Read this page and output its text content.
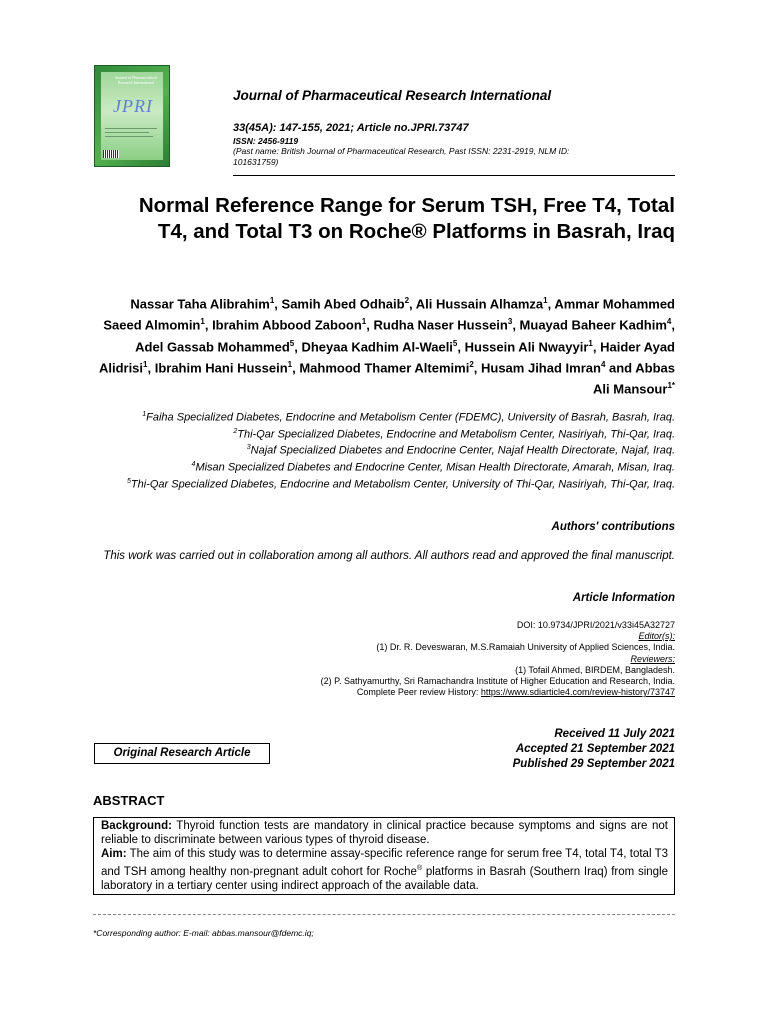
Journal of Pharmaceutical Research International
JPRI
Journal of Pharmaceutical Research International
33(45A): 147-155, 2021; Article no.JPRI.73747
ISSN: 2456-9119
(Past name: British Journal of Pharmaceutical Research, Past ISSN: 2231-2919, NLM ID: 101631759)
Normal Reference Range for Serum TSH, Free T4, Total T4, and Total T3 on Roche® Platforms in Basrah, Iraq
Nassar Taha Alibrahim$^1$, Samih Abed Odhaib$^2$, Ali Hussain Alhamza$^1$, Ammar Mohammed Saeed Almomin$^1$, Ibrahim Abbood Zaboon$^1$, Rudha Naser Hussein$^3$, Muayad Baheer Kadhim$^4$, Adel Gassab Mohammed$^5$, Dheyaa Kadhim Al-Waeli$^5$, Hussein Ali Nwayyir$^1$, Haider Ayad Alidrisi$^1$, Ibrahim Hani Hussein$^1$, Mahmood Thamer Altemimi$^2$, Husam Jihad Imran$^4$ and Abbas Ali Mansour$^{1*}$
$^1$Faiha Specialized Diabetes, Endocrine and Metabolism Center (FDEMC), University of Basrah, Basrah, Iraq.
$^2$Thi-Qar Specialized Diabetes, Endocrine and Metabolism Center, Nasiriyah, Thi-Qar, Iraq.
$^3$Najaf Specialized Diabetes and Endocrine Center, Najaf Health Directorate, Najaf, Iraq.
$^4$Misan Specialized Diabetes and Endocrine Center, Misan Health Directorate, Amarah, Misan, Iraq.
$^5$Thi-Qar Specialized Diabetes, Endocrine and Metabolism Center, University of Thi-Qar, Nasiriyah, Thi-Qar, Iraq.
Authors' contributions
This work was carried out in collaboration among all authors. All authors read and approved the final manuscript.
Article Information
DOI: 10.9734/JPRI/2021/v33i45A32727
Editor(s):
(1) Dr. R. Deveswaran, M.S.Ramaiah University of Applied Sciences, India.
Reviewers:
(1) Tofail Ahmed, BIRDEM, Bangladesh.
(2) P. Sathyamurthy, Sri Ramachandra Institute of Higher Education and Research, India.
Complete Peer review History: https://www.sdiarticle4.com/review-history/73747
Received 11 July 2021
Accepted 21 September 2021
Published 29 September 2021
Original Research Article
ABSTRACT

Background: Thyroid function tests are mandatory in clinical practice because symptoms and signs are not reliable to discriminate between various types of thyroid disease.

Aim: The aim of this study was to determine assay-specific reference range for serum free T4, total T4, total T3 and TSH among healthy non-pregnant adult cohort for Roche® platforms in Basrah (Southern Iraq) from single laboratory in a tertiary center using indirect approach of the available data.

*Corresponding author: E-mail: abbas.mansour@fdemc.iq;
